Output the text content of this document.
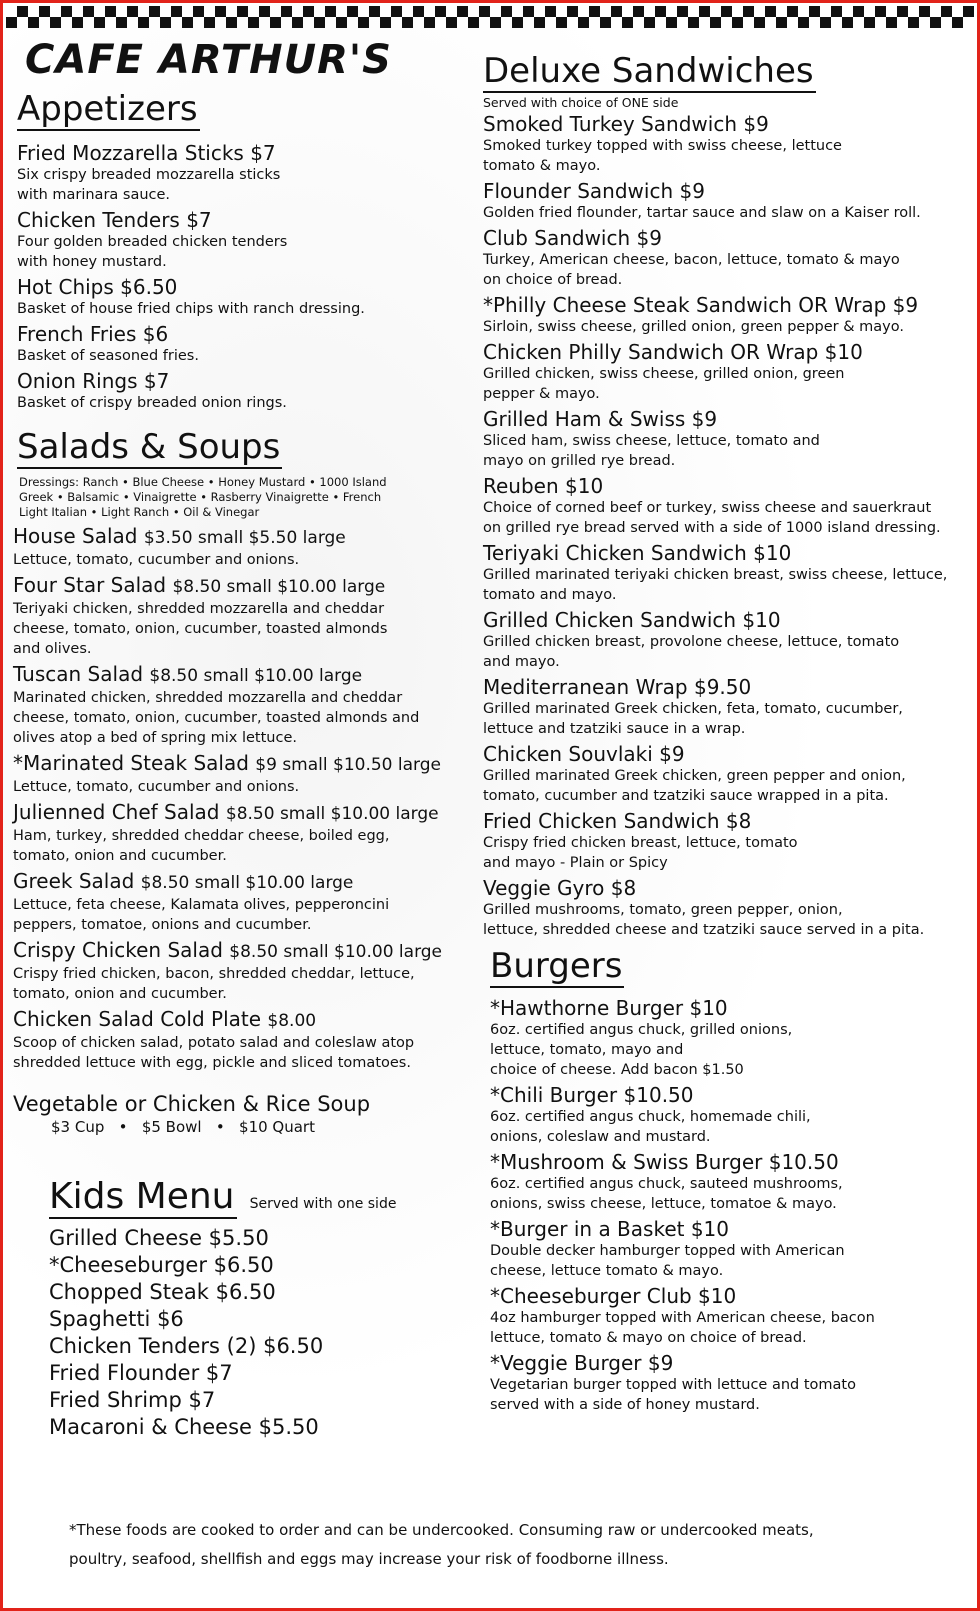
CAFE ARTHUR'S
Appetizers
Fried Mozzarella Sticks $7
Six crispy breaded mozzarella sticks
with marinara sauce.
Chicken Tenders $7
Four golden breaded chicken tenders
with honey mustard.
Hot Chips $6.50
Basket of house fried chips with ranch dressing.
French Fries $6
Basket of seasoned fries.
Onion Rings $7
Basket of crispy breaded onion rings.
Salads & Soups
Dressings: Ranch • Blue Cheese • Honey Mustard • 1000 Island
Greek • Balsamic • Vinaigrette • Rasberry Vinaigrette • French
Light Italian • Light Ranch • Oil & Vinegar
House Salad $3.50 small $5.50 large
Lettuce, tomato, cucumber and onions.
Four Star Salad $8.50 small $10.00 large
Teriyaki chicken, shredded mozzarella and cheddar
cheese, tomato, onion, cucumber, toasted almonds
and olives.
Tuscan Salad $8.50 small $10.00 large
Marinated chicken, shredded mozzarella and cheddar
cheese, tomato, onion, cucumber, toasted almonds and
olives atop a bed of spring mix lettuce.
*Marinated Steak Salad $9 small $10.50 large
Lettuce, tomato, cucumber and onions.
Julienned Chef Salad $8.50 small $10.00 large
Ham, turkey, shredded cheddar cheese, boiled egg,
tomato, onion and cucumber.
Greek Salad $8.50 small $10.00 large
Lettuce, feta cheese, Kalamata olives, pepperoncini
peppers, tomatoe, onions and cucumber.
Crispy Chicken Salad $8.50 small $10.00 large
Crispy fried chicken, bacon, shredded cheddar, lettuce,
tomato, onion and cucumber.
Chicken Salad Cold Plate $8.00
Scoop of chicken salad, potato salad and coleslaw atop
shredded lettuce with egg, pickle and sliced tomatoes.
Vegetable or Chicken & Rice Soup
$3 Cup   •   $5 Bowl   •   $10 Quart
Kids Menu Served with one side
Grilled Cheese $5.50
*Cheeseburger $6.50
Chopped Steak $6.50
Spaghetti $6
Chicken Tenders (2) $6.50
Fried Flounder $7
Fried Shrimp $7
Macaroni & Cheese $5.50
Deluxe Sandwiches
Served with choice of ONE side
Smoked Turkey Sandwich $9
Smoked turkey topped with swiss cheese, lettuce
tomato & mayo.
Flounder Sandwich $9
Golden fried flounder, tartar sauce and slaw on a Kaiser roll.
Club Sandwich $9
Turkey, American cheese, bacon, lettuce, tomato & mayo
on choice of bread.
*Philly Cheese Steak Sandwich OR Wrap $9
Sirloin, swiss cheese, grilled onion, green pepper & mayo.
Chicken Philly Sandwich OR Wrap $10
Grilled chicken, swiss cheese, grilled onion, green
pepper & mayo.
Grilled Ham & Swiss $9
Sliced ham, swiss cheese, lettuce, tomato and
mayo on grilled rye bread.
Reuben $10
Choice of corned beef or turkey, swiss cheese and sauerkraut
on grilled rye bread served with a side of 1000 island dressing.
Teriyaki Chicken Sandwich $10
Grilled marinated teriyaki chicken breast, swiss cheese, lettuce,
tomato and mayo.
Grilled Chicken Sandwich $10
Grilled chicken breast, provolone cheese, lettuce, tomato
and mayo.
Mediterranean Wrap $9.50
Grilled marinated Greek chicken, feta, tomato, cucumber,
lettuce and tzatziki sauce in a wrap.
Chicken Souvlaki $9
Grilled marinated Greek chicken, green pepper and onion,
tomato, cucumber and tzatziki sauce wrapped in a pita.
Fried Chicken Sandwich $8
Crispy fried chicken breast, lettuce, tomato
and mayo - Plain or Spicy
Veggie Gyro $8
Grilled mushrooms, tomato, green pepper, onion,
lettuce, shredded cheese and tzatziki sauce served in a pita.
Burgers
*Hawthorne Burger $10
6oz. certified angus chuck, grilled onions,
lettuce, tomato, mayo and
choice of cheese. Add bacon $1.50
*Chili Burger $10.50
6oz. certified angus chuck, homemade chili,
onions, coleslaw and mustard.
*Mushroom & Swiss Burger $10.50
6oz. certified angus chuck, sauteed mushrooms,
onions, swiss cheese, lettuce, tomatoe & mayo.
*Burger in a Basket $10
Double decker hamburger topped with American
cheese, lettuce tomato & mayo.
*Cheeseburger Club $10
4oz hamburger topped with American cheese, bacon
lettuce, tomato & mayo on choice of bread.
*Veggie Burger $9
Vegetarian burger topped with lettuce and tomato
served with a side of honey mustard.
*These foods are cooked to order and can be undercooked. Consuming raw or undercooked meats,
poultry, seafood, shellfish and eggs may increase your risk of foodborne illness.
